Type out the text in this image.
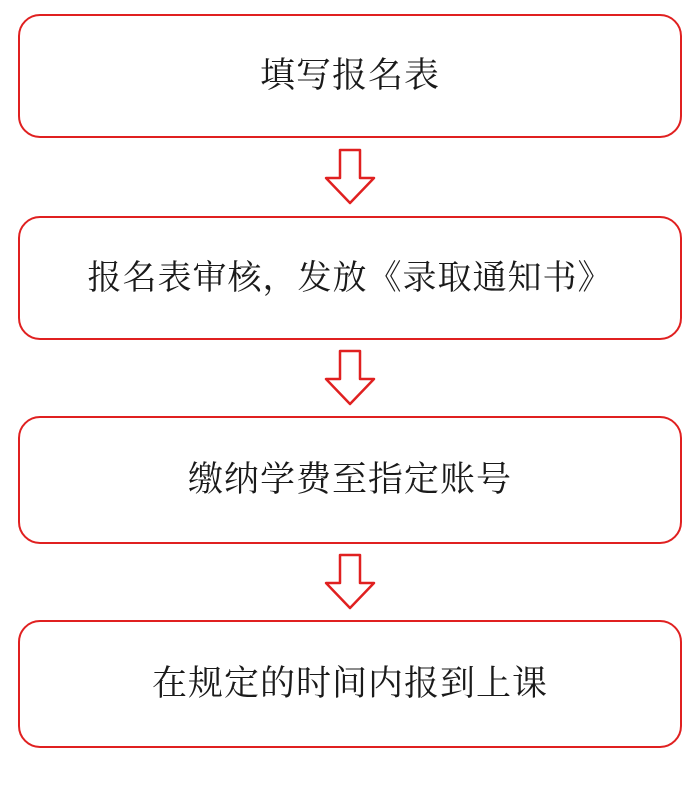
填写报名表
报名表审核，发放《录取通知书》
缴纳学费至指定账号
在规定的时间内报到上课
